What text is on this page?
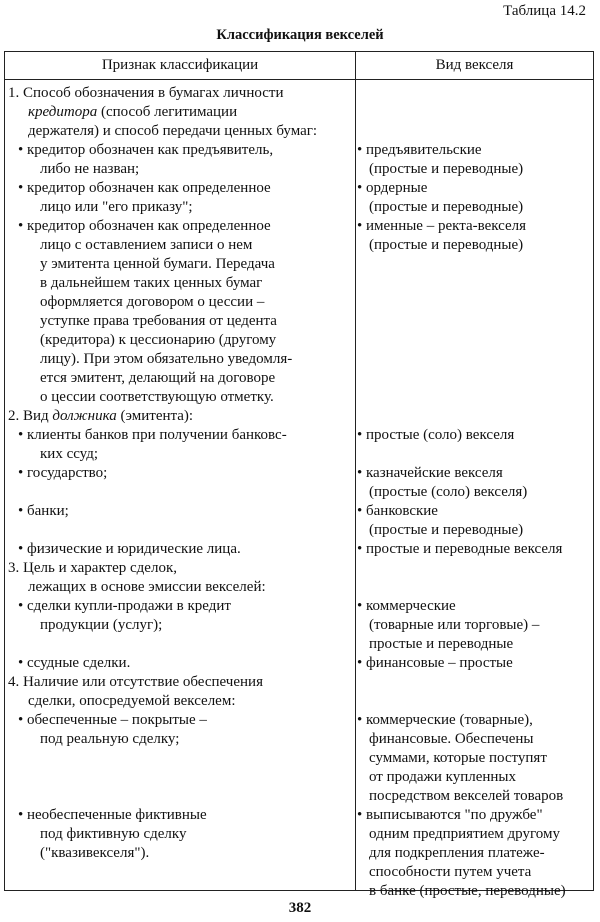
Таблица 14.2
Классификация векселей
Признак классификации	Вид векселя
1. Способ обозначения в бумагах личности
кредитора (способ легитимации
держателя) и способ передачи ценных бумаг:
• кредитор обозначен как предъявитель,
либо не назван;
• кредитор обозначен как определенное
лицо или "его приказу";
• кредитор обозначен как определенное
лицо с оставлением записи о нем
у эмитента ценной бумаги. Передача
в дальнейшем таких ценных бумаг
оформляется договором о цессии –
уступке права требования от цедента
(кредитора) к цессионарию (другому
лицу). При этом обязательно уведомля-
ется эмитент, делающий на договоре
о цессии соответствующую отметку.
2. Вид должника (эмитента):
• клиенты банков при получении банковс-
ких ссуд;
• государство;
• банки;
• физические и юридические лица.
3. Цель и характер сделок,
лежащих в основе эмиссии векселей:
• сделки купли-продажи в кредит
продукции (услуг);
• ссудные сделки.
4. Наличие или отсутствие обеспечения
сделки, опосредуемой векселем:
• обеспеченные – покрытые –
под реальную сделку;
• необеспеченные фиктивные
под фиктивную сделку
("квазивекселя").
• предъявительские
(простые и переводные)
• ордерные
(простые и переводные)
• именные – ректа-векселя
(простые и переводные)
• простые (соло) векселя
• казначейские векселя
(простые (соло) векселя)
• банковские
(простые и переводные)
• простые и переводные векселя
• коммерческие
(товарные или торговые) –
простые и переводные
• финансовые – простые
• коммерческие (товарные),
финансовые. Обеспечены
суммами, которые поступят
от продажи купленных
посредством векселей товаров
• выписываются "по дружбе"
одним предприятием другому
для подкрепления платеже-
способности путем учета
в банке (простые, переводные)
382
